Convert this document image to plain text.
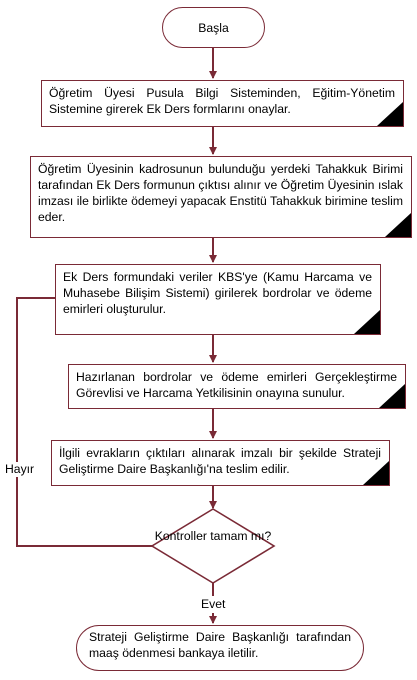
Başla
Öğretim Üyesi Pusula Bilgi Sisteminden, Eğitim-Yönetim Sistemine girerek Ek Ders formlarını onaylar.
Öğretim Üyesinin kadrosunun bulunduğu yerdeki Tahakkuk Birimi tarafından Ek Ders formunun çıktısı alınır ve Öğretim Üyesinin ıslak imzası ile birlikte ödemeyi yapacak Enstitü Tahakkuk birimine teslim eder.
Ek Ders formundaki veriler KBS'ye (Kamu Harcama ve Muhasebe Bilişim Sistemi) girilerek bordrolar ve ödeme emirleri oluşturulur.
Hazırlanan bordrolar ve ödeme emirleri Gerçekleştirme Görevlisi ve Harcama Yetkilisinin onayına sunulur.
İlgili evrakların çıktıları alınarak imzalı bir şekilde Strateji Geliştirme Daire Başkanlığı'na teslim edilir.
Kontroller tamam mı?
Hayır
Evet
Strateji Geliştirme Daire Başkanlığı tarafından maaş ödenmesi bankaya iletilir.
